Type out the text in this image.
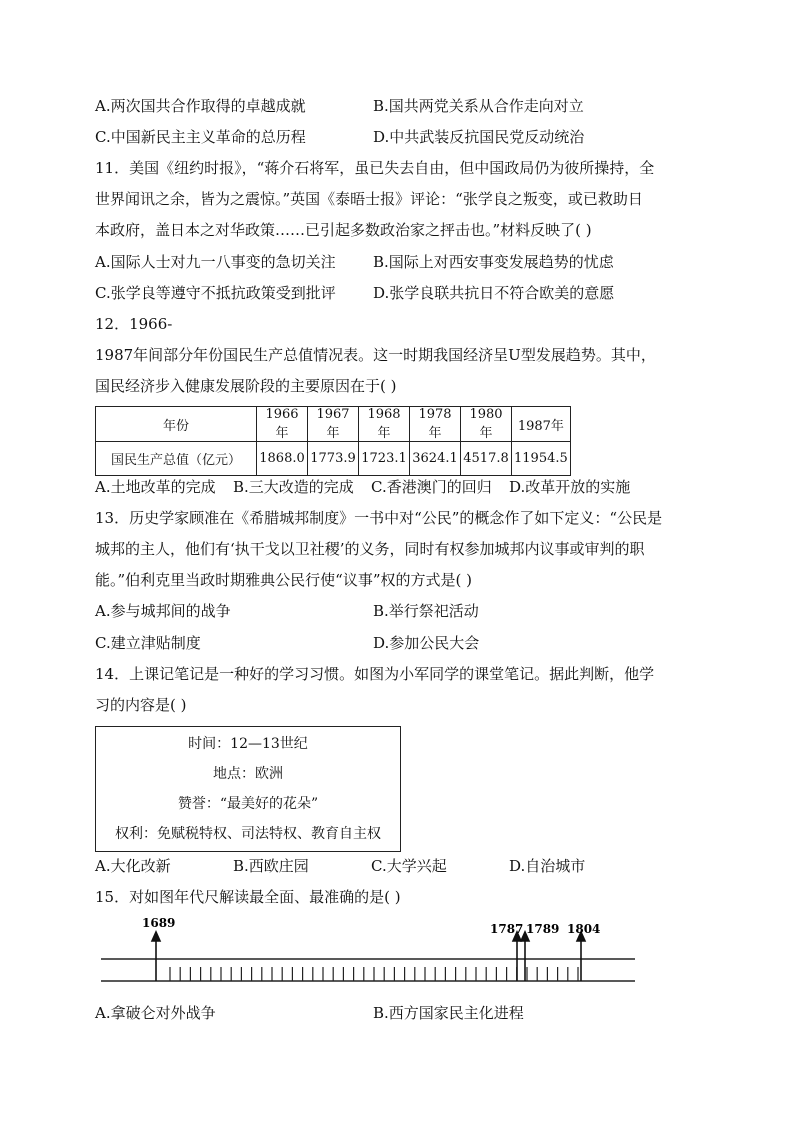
A.两次国共合作取得的卓越成就	B.国共两党关系从合作走向对立
C.中国新民主主义革命的总历程	D.中共武装反抗国民党反动统治
11．美国《纽约时报》，“蒋介石将军，虽已失去自由，但中国政局仍为彼所操持，全
世界闻讯之余，皆为之震惊。”英国《泰晤士报》评论：“张学良之叛变，或已救助日
本政府，盖日本之对华政策……已引起多数政治家之抨击也。”材料反映了( )
A.国际人士对九一八事变的急切关注 B.国际上对西安事变发展趋势的忧虑
C.张学良等遵守不抵抗政策受到批评 D.张学良联共抗日不符合欧美的意愿
12．1966-
1987年间部分年份国民生产总值情况表。这一时期我国经济呈U型发展趋势。其中，
国民经济步入健康发展阶段的主要原因在于( )
年份	1966年	1967年	1968年	1978年	1980年	1987年
国民生产总值（亿元）	1868.0	1773.9	1723.1	3624.1	4517.8	11954.5
A.土地改革的完成 B.三大改造的完成 C.香港澳门的回归 D.改革开放的实施
13．历史学家顾准在《希腊城邦制度》一书中对“公民”的概念作了如下定义：“公民是
城邦的主人，他们有‘执干戈以卫社稷’的义务，同时有权参加城邦内议事或审判的职
能。”伯利克里当政时期雅典公民行使“议事”权的方式是( )
A.参与城邦间的战争	B.举行祭祀活动
C.建立津贴制度	D.参加公民大会
14．上课记笔记是一种好的学习习惯。如图为小军同学的课堂笔记。据此判断，他学
习的内容是( )
时间：12—13世纪
地点：欧洲
赞誉：“最美好的花朵”
权利：免赋税特权、司法特权、教育自主权
A.大化改新	B.西欧庄园	C.大学兴起	D.自治城市
15．对如图年代尺解读最全面、最准确的是( )
1689	1787 1789 1804
A.拿破仑对外战争	B.西方国家民主化进程
